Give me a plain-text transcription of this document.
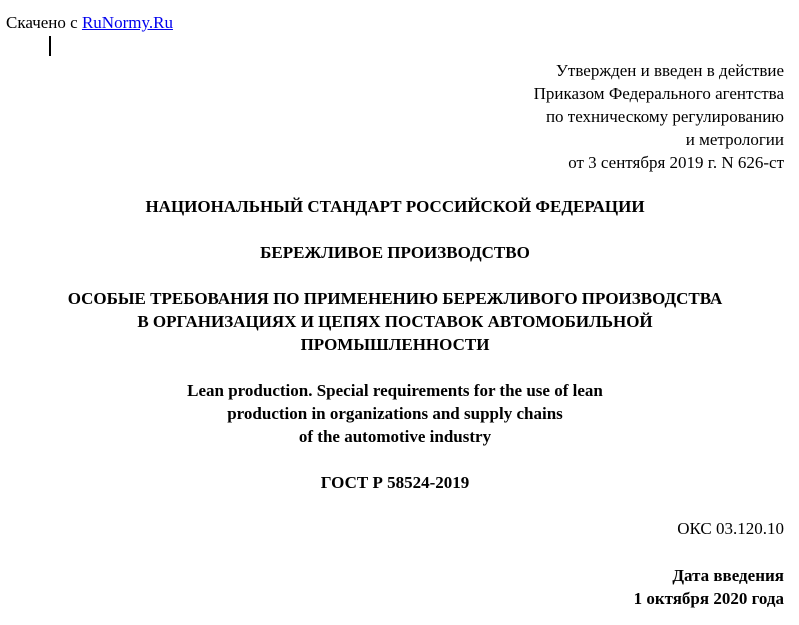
Скачено с RuNormy.Ru
Утвержден и введен в действие
Приказом Федерального агентства
по техническому регулированию
и метрологии
от 3 сентября 2019 г. N 626-ст
НАЦИОНАЛЬНЫЙ СТАНДАРТ РОССИЙСКОЙ ФЕДЕРАЦИИ
БЕРЕЖЛИВОЕ ПРОИЗВОДСТВО
ОСОБЫЕ ТРЕБОВАНИЯ ПО ПРИМЕНЕНИЮ БЕРЕЖЛИВОГО ПРОИЗВОДСТВА
В ОРГАНИЗАЦИЯХ И ЦЕПЯХ ПОСТАВОК АВТОМОБИЛЬНОЙ
ПРОМЫШЛЕННОСТИ
Lean production. Special requirements for the use of lean
production in organizations and supply chains
of the automotive industry
ГОСТ Р 58524-2019
ОКС 03.120.10
Дата введения
1 октября 2020 года
